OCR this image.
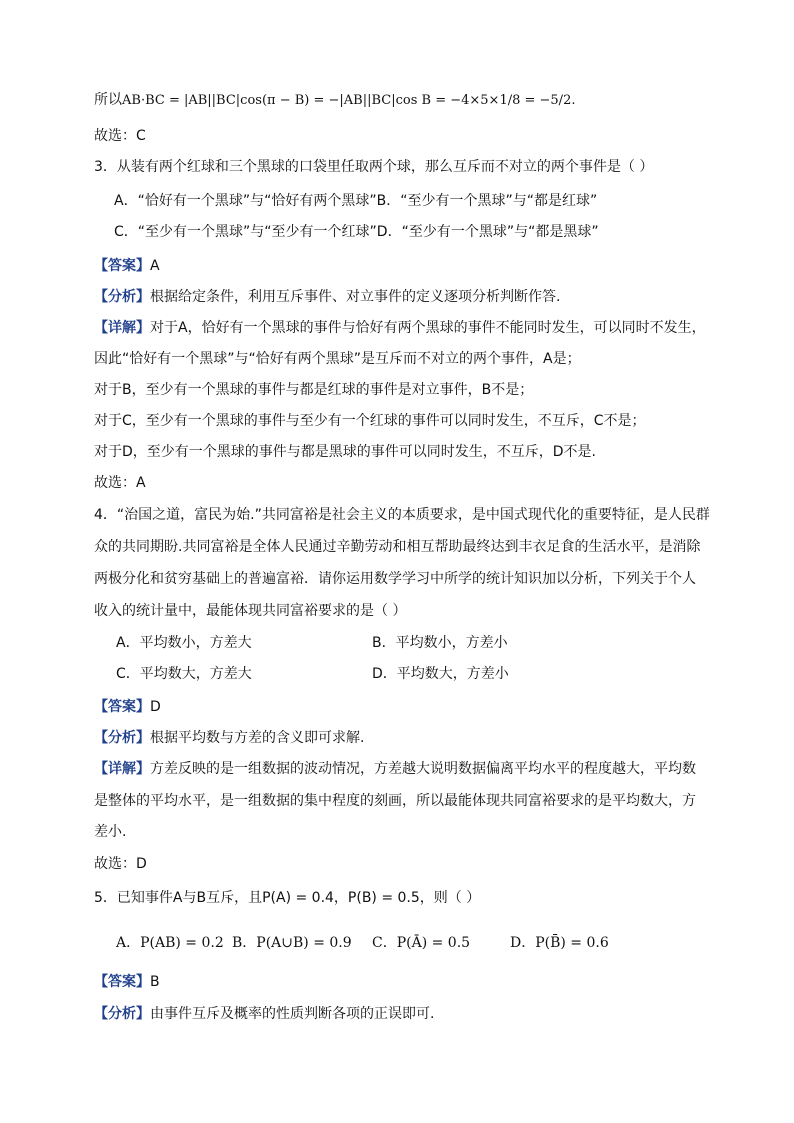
所以AB·BC = |AB||BC|cos(π − B) = −|AB||BC|cos B = −4×5×1/8 = −5/2.
故选：C
3．从装有两个红球和三个黑球的口袋里任取两个球，那么互斥而不对立的两个事件是（ ）
A．“恰好有一个黑球”与“恰好有两个黑球”B．“至少有一个黑球”与“都是红球”
C．“至少有一个黑球”与“至少有一个红球”D．“至少有一个黑球”与“都是黑球”
【答案】A
【分析】根据给定条件，利用互斥事件、对立事件的定义逐项分析判断作答.
【详解】对于A，恰好有一个黑球的事件与恰好有两个黑球的事件不能同时发生，可以同时不发生，
因此“恰好有一个黑球”与“恰好有两个黑球”是互斥而不对立的两个事件，A是；
对于B，至少有一个黑球的事件与都是红球的事件是对立事件，B不是；
对于C，至少有一个黑球的事件与至少有一个红球的事件可以同时发生，不互斥，C不是；
对于D，至少有一个黑球的事件与都是黑球的事件可以同时发生，不互斥，D不是.
故选：A
4．“治国之道，富民为始.”共同富裕是社会主义的本质要求，是中国式现代化的重要特征，是人民群
众的共同期盼.共同富裕是全体人民通过辛勤劳动和相互帮助最终达到丰衣足食的生活水平，是消除
两极分化和贫穷基础上的普遍富裕．请你运用数学学习中所学的统计知识加以分析，下列关于个人
收入的统计量中，最能体现共同富裕要求的是（ ）
A．平均数小，方差大	B．平均数小，方差小
C．平均数大，方差大	D．平均数大，方差小
【答案】D
【分析】根据平均数与方差的含义即可求解.
【详解】方差反映的是一组数据的波动情况，方差越大说明数据偏离平均水平的程度越大，平均数
是整体的平均水平，是一组数据的集中程度的刻画，所以最能体现共同富裕要求的是平均数大，方
差小.
故选：D
5．已知事件A与B互斥，且P(A) = 0.4，P(B) = 0.5，则（ ）
A．P(AB) = 0.2 B．P(A∪B) = 0.9 C．P(Ā) = 0.5	D．P(B̄) = 0.6
【答案】B
【分析】由事件互斥及概率的性质判断各项的正误即可.
